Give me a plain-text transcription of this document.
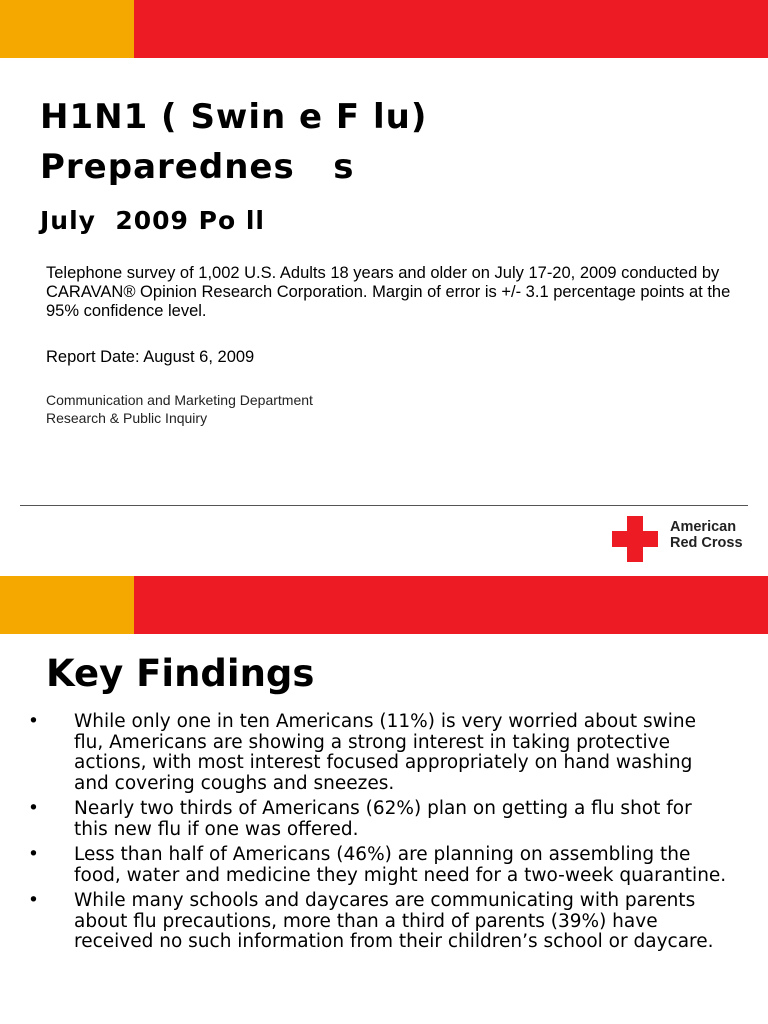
H1N1 ( Swin e F lu)
Preparednes   s
July  2009 Po ll

Telephone survey of 1,002 U.S. Adults 18 years and older on July 17-20, 2009 conducted by CARAVAN® Opinion Research Corporation. Margin of error is +/- 3.1 percentage points at the 95% confidence level.

Report Date: August 6, 2009

Communication and Marketing Department
Research & Public Inquiry

American
Red Cross
Key Findings
• While only one in ten Americans (11%) is very worried about swine flu, Americans are showing a strong interest in taking protective actions, with most interest focused appropriately on hand washing and covering coughs and sneezes.
• Nearly two thirds of Americans (62%) plan on getting a flu shot for this new flu if one was offered.
• Less than half of Americans (46%) are planning on assembling the food, water and medicine they might need for a two-week quarantine.
• While many schools and daycares are communicating with parents about flu precautions, more than a third of parents (39%) have received no such information from their children’s school or daycare.
